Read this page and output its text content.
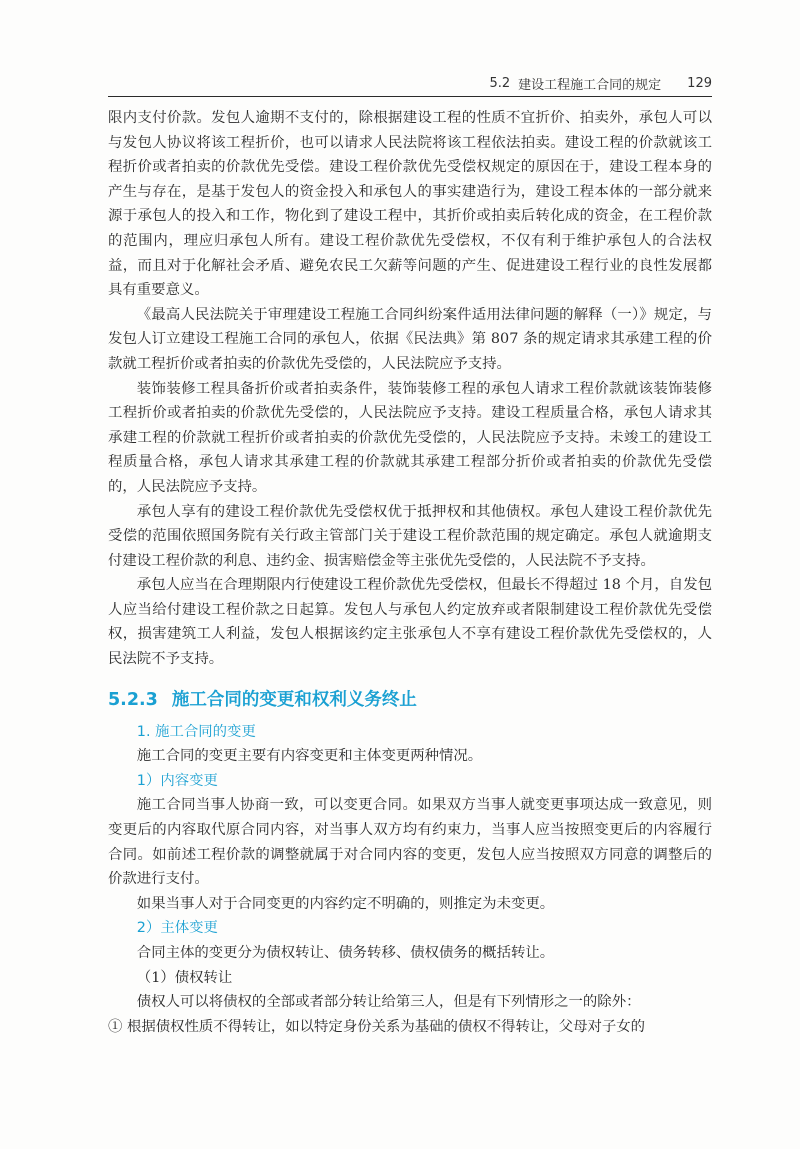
5.2 建设工程施工合同的规定 129

限内支付价款。发包人逾期不支付的，除根据建设工程的性质不宜折价、拍卖外，承包人可以与发包人协议将该工程折价，也可以请求人民法院将该工程依法拍卖。建设工程的价款就该工程折价或者拍卖的价款优先受偿。建设工程价款优先受偿权规定的原因在于，建设工程本身的产生与存在，是基于发包人的资金投入和承包人的事实建造行为，建设工程本体的一部分就来源于承包人的投入和工作，物化到了建设工程中，其折价或拍卖后转化成的资金，在工程价款的范围内，理应归承包人所有。建设工程价款优先受偿权，不仅有利于维护承包人的合法权益，而且对于化解社会矛盾、避免农民工欠薪等问题的产生、促进建设工程行业的良性发展都具有重要意义。

《最高人民法院关于审理建设工程施工合同纠纷案件适用法律问题的解释（一）》规定，与发包人订立建设工程施工合同的承包人，依据《民法典》第 807 条的规定请求其承建工程的价款就工程折价或者拍卖的价款优先受偿的，人民法院应予支持。

装饰装修工程具备折价或者拍卖条件，装饰装修工程的承包人请求工程价款就该装饰装修工程折价或者拍卖的价款优先受偿的，人民法院应予支持。建设工程质量合格，承包人请求其承建工程的价款就工程折价或者拍卖的价款优先受偿的，人民法院应予支持。未竣工的建设工程质量合格，承包人请求其承建工程的价款就其承建工程部分折价或者拍卖的价款优先受偿的，人民法院应予支持。

承包人享有的建设工程价款优先受偿权优于抵押权和其他债权。承包人建设工程价款优先受偿的范围依照国务院有关行政主管部门关于建设工程价款范围的规定确定。承包人就逾期支付建设工程价款的利息、违约金、损害赔偿金等主张优先受偿的，人民法院不予支持。

承包人应当在合理期限内行使建设工程价款优先受偿权，但最长不得超过 18 个月，自发包人应当给付建设工程价款之日起算。发包人与承包人约定放弃或者限制建设工程价款优先受偿权，损害建筑工人利益，发包人根据该约定主张承包人不享有建设工程价款优先受偿权的，人民法院不予支持。

5.2.3 施工合同的变更和权利义务终止
1. 施工合同的变更

施工合同的变更主要有内容变更和主体变更两种情况。

1）内容变更

施工合同当事人协商一致，可以变更合同。如果双方当事人就变更事项达成一致意见，则变更后的内容取代原合同内容，对当事人双方均有约束力，当事人应当按照变更后的内容履行合同。如前述工程价款的调整就属于对合同内容的变更，发包人应当按照双方同意的调整后的价款进行支付。

如果当事人对于合同变更的内容约定不明确的，则推定为未变更。

2）主体变更

合同主体的变更分为债权转让、债务转移、债权债务的概括转让。

（1）债权转让

债权人可以将债权的全部或者部分转让给第三人，但是有下列情形之一的除外：

① 根据债权性质不得转让，如以特定身份关系为基础的债权不得转让，父母对子女的
